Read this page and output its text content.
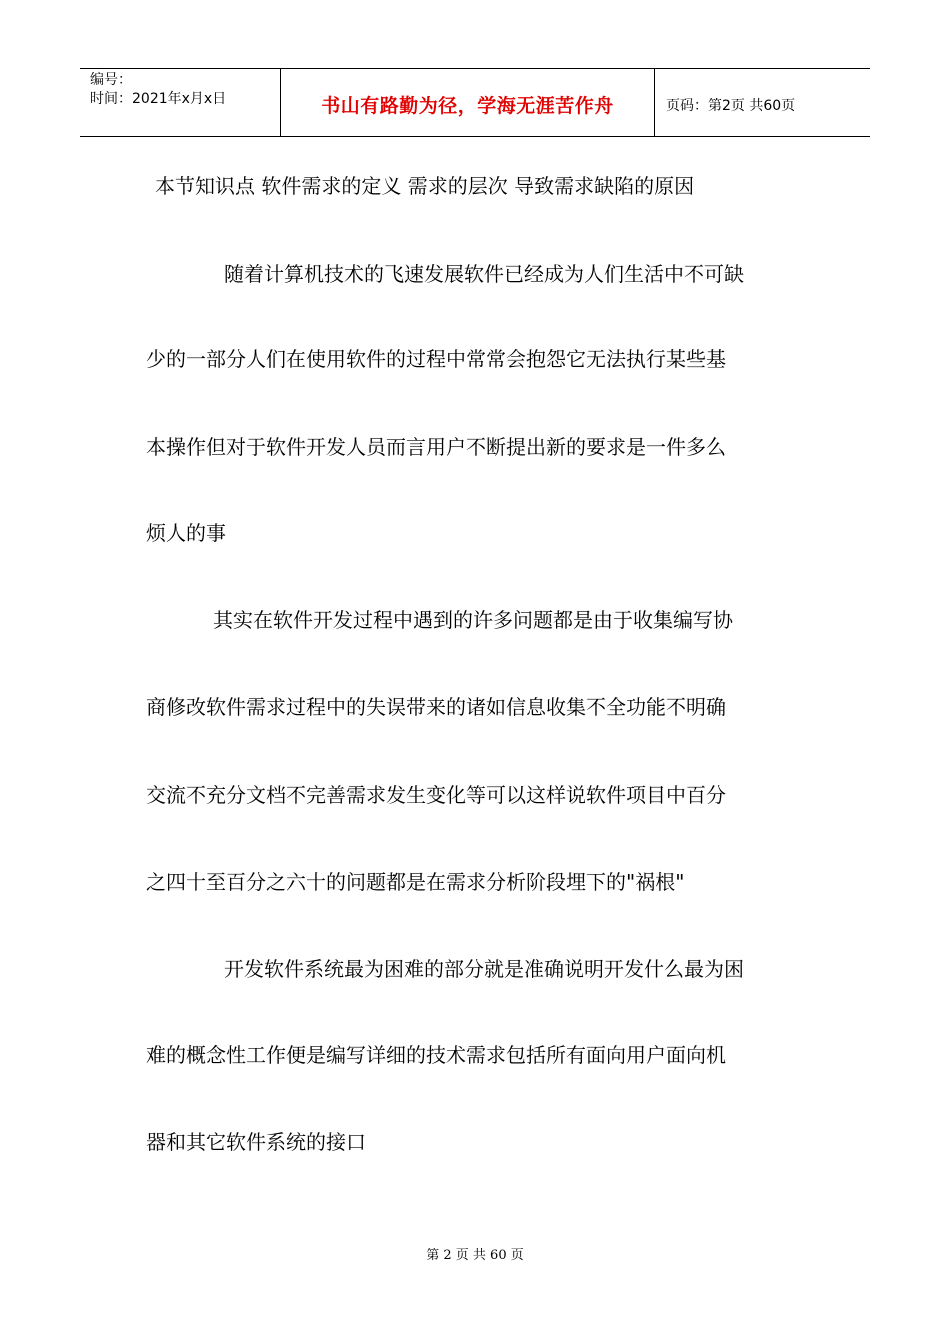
编号：
时间：2021年x月x日	书山有路勤为径，学海无涯苦作舟	页码：第2页 共60页
本节知识点 软件需求的定义 需求的层次 导致需求缺陷的原因
随着计算机技术的飞速发展软件已经成为人们生活中不可缺
少的一部分人们在使用软件的过程中常常会抱怨它无法执行某些基
本操作但对于软件开发人员而言用户不断提出新的要求是一件多么
烦人的事
其实在软件开发过程中遇到的许多问题都是由于收集编写协
商修改软件需求过程中的失误带来的诸如信息收集不全功能不明确
交流不充分文档不完善需求发生变化等可以这样说软件项目中百分
之四十至百分之六十的问题都是在需求分析阶段埋下的"祸根"
开发软件系统最为困难的部分就是准确说明开发什么最为困
难的概念性工作便是编写详细的技术需求包括所有面向用户面向机
器和其它软件系统的接口
第 2 页 共 60 页
